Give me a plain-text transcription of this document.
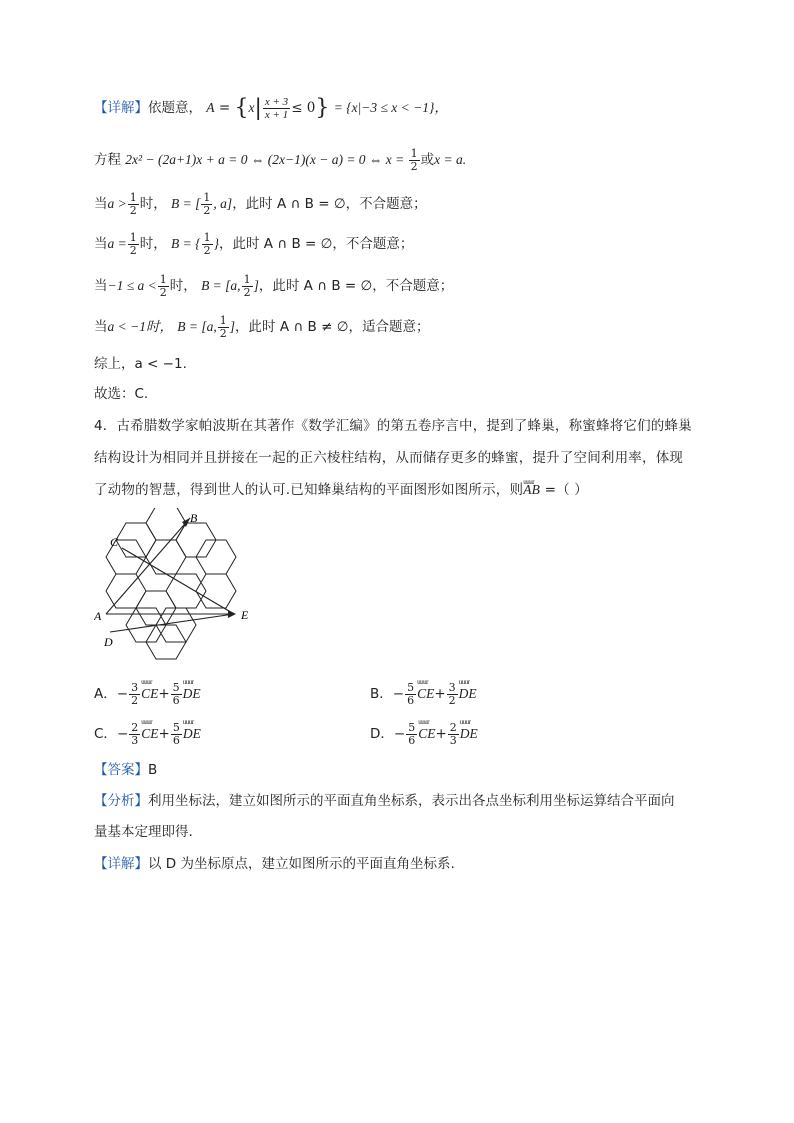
【详解】依题意， $A = \{x| \frac{x + 3}{x + 1} \le 0\} = \{x|-3 \le x < -1\}$，
方程 2x² − (2a+1)x + a = 0 ⇔ (2x−1)(x − a) = 0 ⇔ $x = \frac{1}{2}$ 或x = a.
当$a > \frac{1}{2}$ 时， B = [ $\frac{1}{2}$ , a]，此时 A ∩ B = ∅，不合题意；
当$a = \frac{1}{2}$ 时， B = { $\frac{1}{2}$ }，此时 A ∩ B = ∅，不合题意；
当$-1 \le a < \frac{1}{2}$ 时， B = [a, $\frac{1}{2}$ ]，此时 A ∩ B = ∅，不合题意；
当a < −1时， B = [a, $\frac{1}{2}$ ]，此时 A ∩ B ≠ ∅，适合题意；
综上，a < −1.
故选：C.
4．古希腊数学家帕波斯在其著作《数学汇编》的第五卷序言中，提到了蜂巢，称蜜蜂将它们的蜂巢
结构设计为相同并且拼接在一起的正六棱柱结构，从而储存更多的蜂蜜，提升了空间利用率，体现
了动物的智慧，得到世人的认可.已知蜂巢结构的平面图形如图所示，则uuur AB =（ ）
B
C
A
D
E
A．− $\frac{3}{2}$ uuur $CE+ \frac{5}{6}$ uuur DE	B．− $\frac{5}{6}$ uuur $CE+ \frac{3}{2}$ uuur DE
C．− $\frac{2}{3}$ uuur $CE+ \frac{5}{6}$ uuur DE	D．− $\frac{5}{6}$ uuur $CE+ \frac{2}{3}$ uuur DE
【答案】B
【分析】利用坐标法，建立如图所示的平面直角坐标系，表示出各点坐标利用坐标运算结合平面向
量基本定理即得.
【详解】以 D 为坐标原点，建立如图所示的平面直角坐标系.
